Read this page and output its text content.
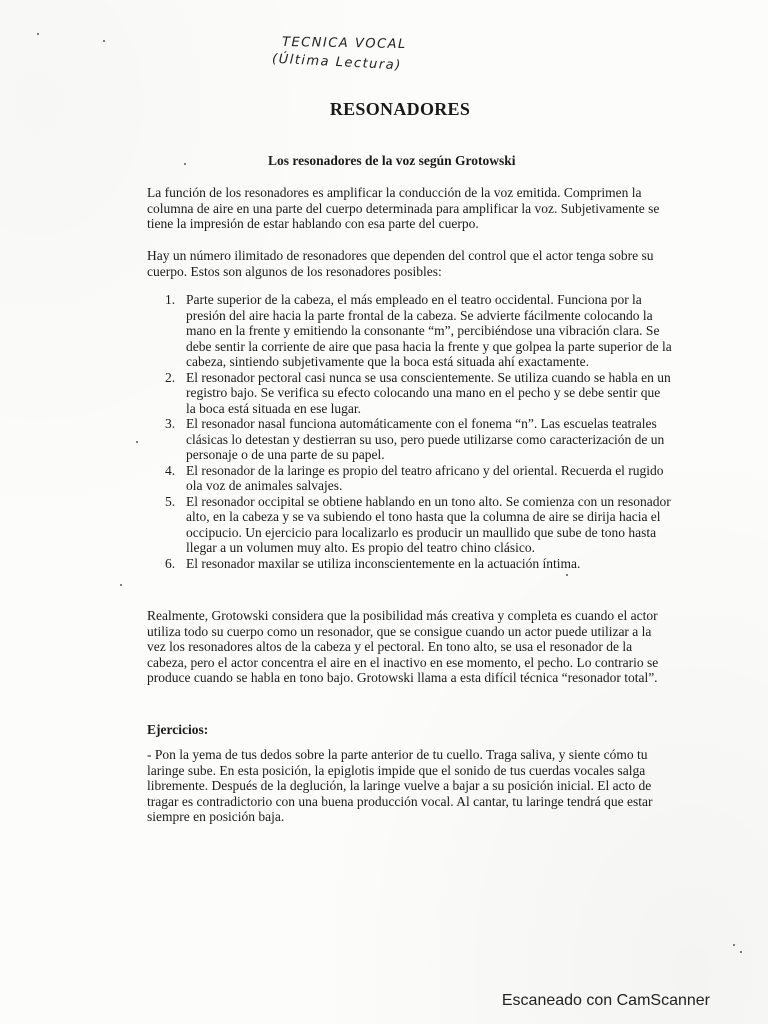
TECNICA VOCAL
(Última Lectura)
RESONADORES
Los resonadores de la voz según Grotowski

La función de los resonadores es amplificar la conducción de la voz emitida. Comprimen la columna de aire en una parte del cuerpo determinada para amplificar la voz. Subjetivamente se tiene la impresión de estar hablando con esa parte del cuerpo.

Hay un número ilimitado de resonadores que dependen del control que el actor tenga sobre su cuerpo. Estos son algunos de los resonadores posibles:

1. Parte superior de la cabeza, el más empleado en el teatro occidental. Funciona por la presión del aire hacia la parte frontal de la cabeza. Se advierte fácilmente colocando la mano en la frente y emitiendo la consonante “m”, percibiéndose una vibración clara. Se debe sentir la corriente de aire que pasa hacia la frente y que golpea la parte superior de la cabeza, sintiendo subjetivamente que la boca está situada ahí exactamente.
2. El resonador pectoral casi nunca se usa conscientemente. Se utiliza cuando se habla en un registro bajo. Se verifica su efecto colocando una mano en el pecho y se debe sentir que la boca está situada en ese lugar.
3. El resonador nasal funciona automáticamente con el fonema “n”. Las escuelas teatrales clásicas lo detestan y destierran su uso, pero puede utilizarse como caracterización de un personaje o de una parte de su papel.
4. El resonador de la laringe es propio del teatro africano y del oriental. Recuerda el rugido ola voz de animales salvajes.
5. El resonador occipital se obtiene hablando en un tono alto. Se comienza con un resonador alto, en la cabeza y se va subiendo el tono hasta que la columna de aire se dirija hacia el occipucio. Un ejercicio para localizarlo es producir un maullido que sube de tono hasta llegar a un volumen muy alto. Es propio del teatro chino clásico.
6. El resonador maxilar se utiliza inconscientemente en la actuación íntima.

Realmente, Grotowski considera que la posibilidad más creativa y completa es cuando el actor utiliza todo su cuerpo como un resonador, que se consigue cuando un actor puede utilizar a la vez los resonadores altos de la cabeza y el pectoral. En tono alto, se usa el resonador de la cabeza, pero el actor concentra el aire en el inactivo en ese momento, el pecho. Lo contrario se produce cuando se habla en tono bajo. Grotowski llama a esta difícil técnica “resonador total”.

Ejercicios:

- Pon la yema de tus dedos sobre la parte anterior de tu cuello. Traga saliva, y siente cómo tu laringe sube. En esta posición, la epiglotis impide que el sonido de tus cuerdas vocales salga libremente. Después de la deglución, la laringe vuelve a bajar a su posición inicial. El acto de tragar es contradictorio con una buena producción vocal. Al cantar, tu laringe tendrá que estar siempre en posición baja.

Escaneado con CamScanner
